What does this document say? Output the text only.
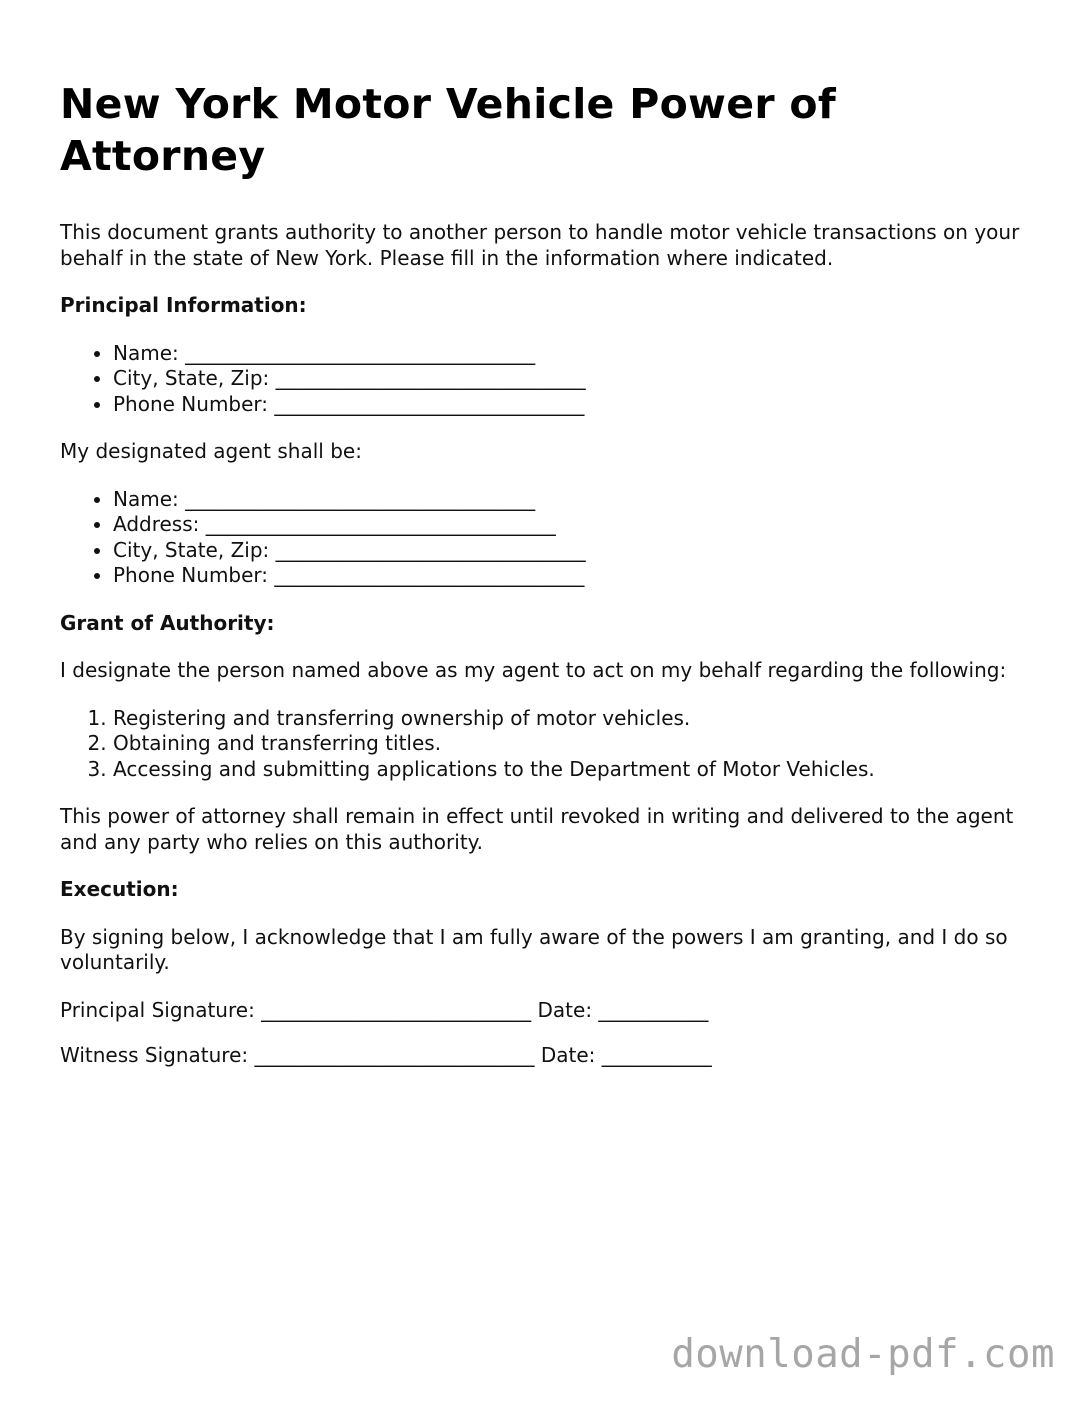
New York Motor Vehicle Power of Attorney

This document grants authority to another person to handle motor vehicle transactions on your behalf in the state of New York. Please fill in the information where indicated.

Principal Information:

• Name: ___________________________________
• City, State, Zip: _______________________________
• Phone Number: _______________________________

My designated agent shall be:

• Name: ___________________________________
• Address: ___________________________________
• City, State, Zip: _______________________________
• Phone Number: _______________________________

Grant of Authority:

I designate the person named above as my agent to act on my behalf regarding the following:

1. Registering and transferring ownership of motor vehicles.
2. Obtaining and transferring titles.
3. Accessing and submitting applications to the Department of Motor Vehicles.

This power of attorney shall remain in effect until revoked in writing and delivered to the agent and any party who relies on this authority.

Execution:

By signing below, I acknowledge that I am fully aware of the powers I am granting, and I do so voluntarily.

Principal Signature: ___________________________ Date: ___________
Witness Signature: ____________________________ Date: ___________
download-pdf.com
